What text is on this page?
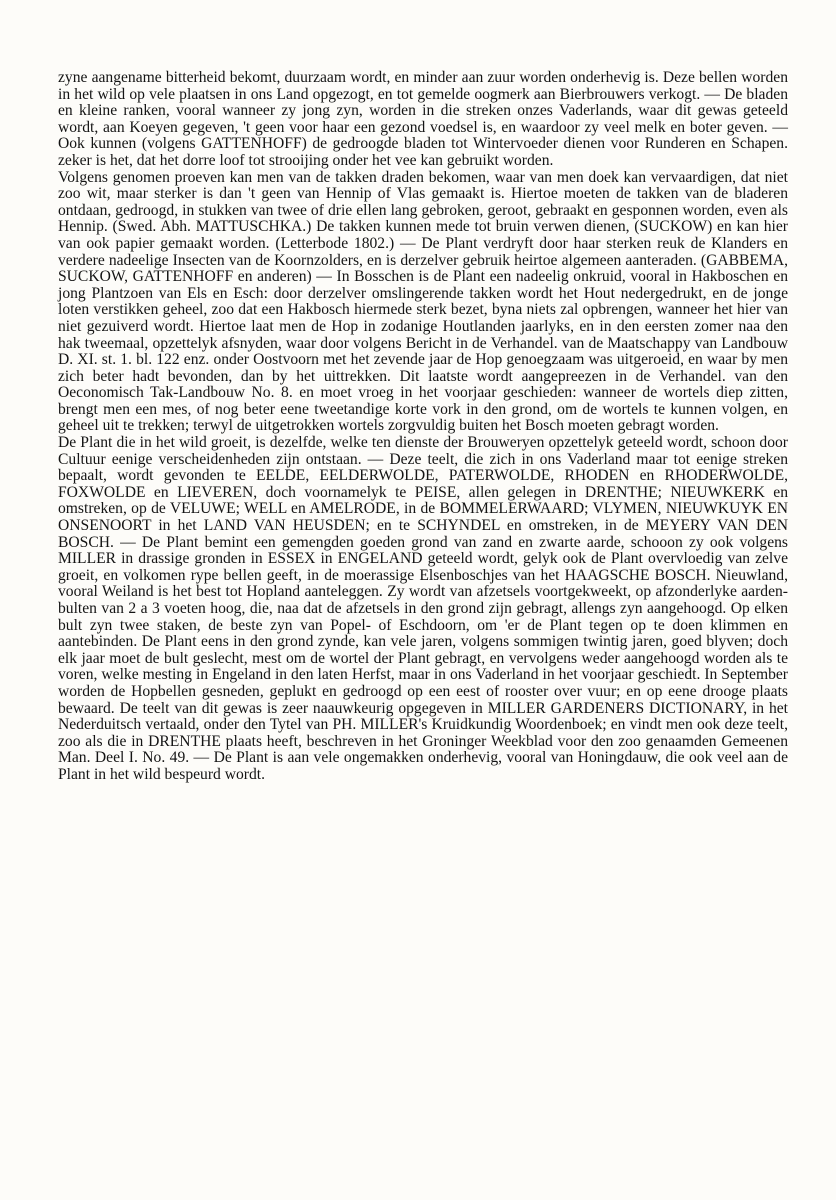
zyne aangename bitterheid bekomt, duurzaam wordt, en minder aan zuur worden onderhevig is. Deze bellen worden in het wild op vele plaatsen in ons Land opgezogt, en tot gemelde oogmerk aan Bierbrouwers verkogt. — De bladen en kleine ranken, vooral wanneer zy jong zyn, worden in die streken onzes Vaderlands, waar dit gewas geteeld wordt, aan Koeyen gegeven, 't geen voor haar een gezond voedsel is, en waardoor zy veel melk en boter geven. — Ook kunnen (volgens GATTENHOFF) de gedroogde bladen tot Wintervoeder dienen voor Runderen en Schapen. zeker is het, dat het dorre loof tot strooijing onder het vee kan gebruikt worden.

Volgens genomen proeven kan men van de takken draden bekomen, waar van men doek kan vervaardigen, dat niet zoo wit, maar sterker is dan 't geen van Hennip of Vlas gemaakt is. Hiertoe moeten de takken van de bladeren ontdaan, gedroogd, in stukken van twee of drie ellen lang gebroken, geroot, gebraakt en gesponnen worden, even als Hennip. (Swed. Abh. MATTUSCHKA.) De takken kunnen mede tot bruin verwen dienen, (SUCKOW) en kan hier van ook papier gemaakt worden. (Letterbode 1802.) — De Plant verdryft door haar sterken reuk de Klanders en verdere nadeelige Insecten van de Koornzolders, en is derzelver gebruik heirtoe algemeen aanteraden. (GABBEMA, SUCKOW, GATTENHOFF en anderen) — In Bosschen is de Plant een nadeelig onkruid, vooral in Hakboschen en jong Plantzoen van Els en Esch: door derzelver omslingerende takken wordt het Hout nedergedrukt, en de jonge loten verstikken geheel, zoo dat een Hakbosch hiermede sterk bezet, byna niets zal opbrengen, wanneer het hier van niet gezuiverd wordt. Hiertoe laat men de Hop in zodanige Houtlanden jaarlyks, en in den eersten zomer naa den hak tweemaal, opzettelyk afsnyden, waar door volgens Bericht in de Verhandel. van de Maatschappy van Landbouw D. XI. st. 1. bl. 122 enz. onder Oostvoorn met het zevende jaar de Hop genoegzaam was uitgeroeid, en waar by men zich beter hadt bevonden, dan by het uittrekken. Dit laatste wordt aangepreezen in de Verhandel. van den Oeconomisch Tak-Landbouw No. 8. en moet vroeg in het voorjaar geschieden: wanneer de wortels diep zitten, brengt men een mes, of nog beter eene tweetandige korte vork in den grond, om de wortels te kunnen volgen, en geheel uit te trekken; terwyl de uitgetrokken wortels zorgvuldig buiten het Bosch moeten gebragt worden.

De Plant die in het wild groeit, is dezelfde, welke ten dienste der Brouweryen opzettelyk geteeld wordt, schoon door Cultuur eenige verscheidenheden zijn ontstaan. — Deze teelt, die zich in ons Vaderland maar tot eenige streken bepaalt, wordt gevonden te EELDE, EELDERWOLDE, PATERWOLDE, RHODEN en RHODERWOLDE, FOXWOLDE en LIEVEREN, doch voornamelyk te PEISE, allen gelegen in DRENTHE; NIEUWKERK en omstreken, op de VELUWE; WELL en AMELRODE, in de BOMMELERWAARD; VLYMEN, NIEUWKUYK EN ONSENOORT in het LAND VAN HEUSDEN; en te SCHYNDEL en omstreken, in de MEYERY VAN DEN BOSCH. — De Plant bemint een gemengden goeden grond van zand en zwarte aarde, schooon zy ook volgens MILLER in drassige gronden in ESSEX in ENGELAND geteeld wordt, gelyk ook de Plant overvloedig van zelve groeit, en volkomen rype bellen geeft, in de moerassige Elsenboschjes van het HAAGSCHE BOSCH. Nieuwland, vooral Weiland is het best tot Hopland aanteleggen. Zy wordt van afzetsels voortgekweekt, op afzonderlyke aarden-bulten van 2 a 3 voeten hoog, die, naa dat de afzetsels in den grond zijn gebragt, allengs zyn aangehoogd. Op elken bult zyn twee staken, de beste zyn van Popel- of Eschdoorn, om 'er de Plant tegen op te doen klimmen en aantebinden. De Plant eens in den grond zynde, kan vele jaren, volgens sommigen twintig jaren, goed blyven; doch elk jaar moet de bult geslecht, mest om de wortel der Plant gebragt, en vervolgens weder aangehoogd worden als te voren, welke mesting in Engeland in den laten Herfst, maar in ons Vaderland in het voorjaar geschiedt. In September worden de Hopbellen gesneden, geplukt en gedroogd op een eest of rooster over vuur; en op eene drooge plaats bewaard. De teelt van dit gewas is zeer naauwkeurig opgegeven in MILLER GARDENERS DICTIONARY, in het Nederduitsch vertaald, onder den Tytel van PH. MILLER's Kruidkundig Woordenboek; en vindt men ook deze teelt, zoo als die in DRENTHE plaats heeft, beschreven in het Groninger Weekblad voor den zoo genaamden Gemeenen Man. Deel I. No. 49. — De Plant is aan vele ongemakken onderhevig, vooral van Honingdauw, die ook veel aan de Plant in het wild bespeurd wordt.
